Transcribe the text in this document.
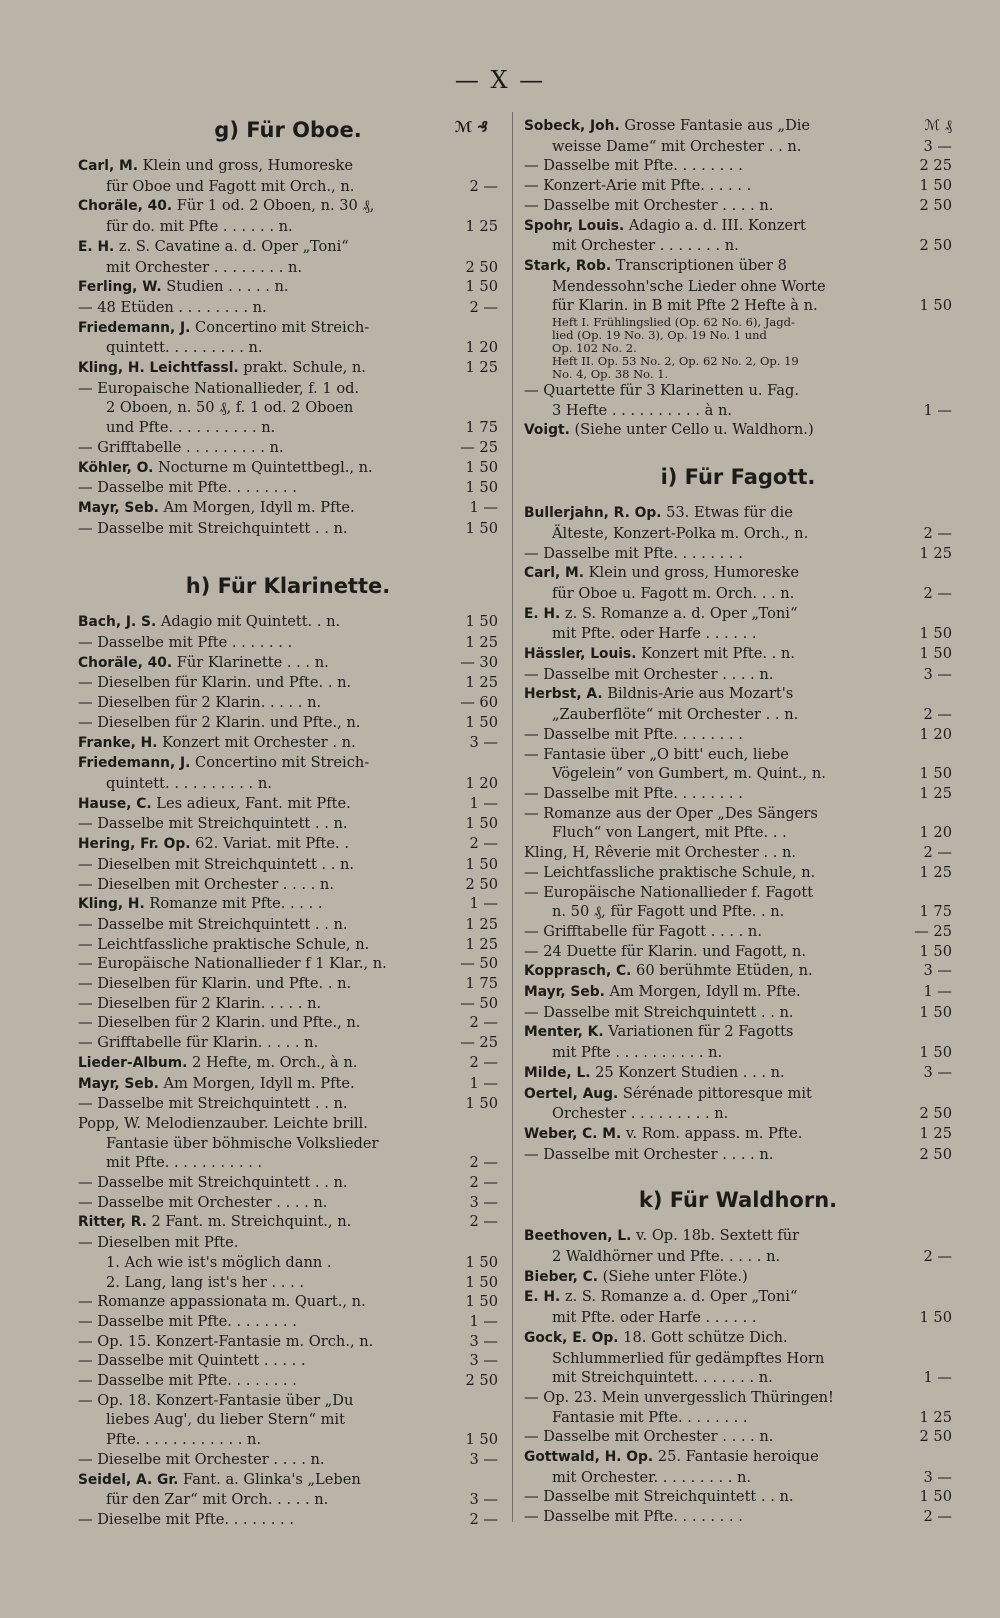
— X —
g) Für Oboe.	ℳ ₰
Carl, M. Klein und gross, Humoreske
für Oboe und Fagott mit Orch., n.	2 —
Choräle, 40. Für 1 od. 2 Oboen, n. 30 ₰,
für do. mit Pfte . . . . . . n.	1 25
E. H. z. S. Cavatine a. d. Oper „Toni“
mit Orchester . . . . . . . . n.	2 50
Ferling, W. Studien . . . . . n.	1 50
— 48 Etüden . . . . . . . . n.	2 —
Friedemann, J. Concertino mit Streich-
quintett. . . . . . . . . n.	1 20
Kling, H. Leichtfassl. prakt. Schule, n.	1 25
— Europaische Nationallieder, f. 1 od.
2 Oboen, n. 50 ₰, f. 1 od. 2 Oboen
und Pfte. . . . . . . . . . n.	1 75
— Grifftabelle . . . . . . . . . n.	— 25
Köhler, O. Nocturne m Quintettbegl., n.	1 50
— Dasselbe mit Pfte. . . . . . . .	1 50
Mayr, Seb. Am Morgen, Idyll m. Pfte.	1 —
— Dasselbe mit Streichquintett . . n.	1 50
h) Für Klarinette.
Bach, J. S. Adagio mit Quintett. . n.	1 50
— Dasselbe mit Pfte . . . . . . .	1 25
Choräle, 40. Für Klarinette . . . n.	— 30
— Dieselben für Klarin. und Pfte. . n.	1 25
— Dieselben für 2 Klarin. . . . . n.	— 60
— Dieselben für 2 Klarin. und Pfte., n.	1 50
Franke, H. Konzert mit Orchester . n.	3 —
Friedemann, J. Concertino mit Streich-
quintett. . . . . . . . . . n.	1 20
Hause, C. Les adieux, Fant. mit Pfte.	1 —
— Dasselbe mit Streichquintett . . n.	1 50
Hering, Fr. Op. 62. Variat. mit Pfte. .	2 —
— Dieselben mit Streichquintett . . n.	1 50
— Dieselben mit Orchester . . . . n.	2 50
Kling, H. Romanze mit Pfte. . . . .	1 —
— Dasselbe mit Streichquintett . . n.	1 25
— Leichtfassliche praktische Schule, n.	1 25
— Europäische Nationallieder f 1 Klar., n.	— 50
— Dieselben für Klarin. und Pfte. . n.	1 75
— Dieselben für 2 Klarin. . . . . n.	— 50
— Dieselben für 2 Klarin. und Pfte., n.	2 —
— Grifftabelle für Klarin. . . . . n.	— 25
Lieder-Album. 2 Hefte, m. Orch., à n.	2 —
Mayr, Seb. Am Morgen, Idyll m. Pfte.	1 —
— Dasselbe mit Streichquintett . . n.	1 50
Popp, W. Melodienzauber. Leichte brill.
Fantasie über böhmische Volkslieder
mit Pfte. . . . . . . . . . .	2 —
— Dasselbe mit Streichquintett . . n.	2 —
— Dasselbe mit Orchester . . . . n.	3 —
Ritter, R. 2 Fant. m. Streichquint., n.	2 —
— Dieselben mit Pfte.
1. Ach wie ist's möglich dann .	1 50
2. Lang, lang ist's her . . . .	1 50
— Romanze appassionata m. Quart., n.	1 50
— Dasselbe mit Pfte. . . . . . . .	1 —
— Op. 15. Konzert-Fantasie m. Orch., n.	3 —
— Dasselbe mit Quintett . . . . .	3 —
— Dasselbe mit Pfte. . . . . . . .	2 50
— Op. 18. Konzert-Fantasie über „Du
liebes Aug', du lieber Stern“ mit
Pfte. . . . . . . . . . . . n.	1 50
— Dieselbe mit Orchester . . . . n.	3 —
Seidel, A. Gr. Fant. a. Glinka's „Leben
für den Zar“ mit Orch. . . . . n.	3 —
— Dieselbe mit Pfte. . . . . . . .	2 —
Sobeck, Joh. Grosse Fantasie aus „Die	ℳ ₰
weisse Dame“ mit Orchester . . n.	3 —
— Dasselbe mit Pfte. . . . . . . .	2 25
— Konzert-Arie mit Pfte. . . . . .	1 50
— Dasselbe mit Orchester . . . . n.	2 50
Spohr, Louis. Adagio a. d. III. Konzert
mit Orchester . . . . . . . n.	2 50
Stark, Rob. Transcriptionen über 8
Mendessohn'sche Lieder ohne Worte
für Klarin. in B mit Pfte 2 Hefte à n.	1 50
Heft I. Frühlingslied (Op. 62 No. 6), Jagd-
lied (Op. 19 No. 3), Op. 19 No. 1 und
Op. 102 No. 2.
Heft II. Op. 53 No. 2, Op. 62 No. 2, Op. 19
No. 4, Op. 38 No. 1.
— Quartette für 3 Klarinetten u. Fag.
3 Hefte . . . . . . . . . . à n.	1 —
Voigt. (Siehe unter Cello u. Waldhorn.)
i) Für Fagott.
Bullerjahn, R. Op. 53. Etwas für die
Älteste, Konzert-Polka m. Orch., n.	2 —
— Dasselbe mit Pfte. . . . . . . .	1 25
Carl, M. Klein und gross, Humoreske
für Oboe u. Fagott m. Orch. . . n.	2 —
E. H. z. S. Romanze a. d. Oper „Toni“
mit Pfte. oder Harfe . . . . . .	1 50
Hässler, Louis. Konzert mit Pfte. . n.	1 50
— Dasselbe mit Orchester . . . . n.	3 —
Herbst, A. Bildnis-Arie aus Mozart's
„Zauberflöte“ mit Orchester . . n.	2 —
— Dasselbe mit Pfte. . . . . . . .	1 20
— Fantasie über „O bitt' euch, liebe
Vögelein“ von Gumbert, m. Quint., n.	1 50
— Dasselbe mit Pfte. . . . . . . .	1 25
— Romanze aus der Oper „Des Sängers
Fluch“ von Langert, mit Pfte. . .	1 20
Kling, H, Rêverie mit Orchester . . n.	2 —
— Leichtfassliche praktische Schule, n.	1 25
— Europäische Nationallieder f. Fagott
n. 50 ₰, für Fagott und Pfte. . n.	1 75
— Grifftabelle für Fagott . . . . n.	— 25
— 24 Duette für Klarin. und Fagott, n.	1 50
Kopprasch, C. 60 berühmte Etüden, n.	3 —
Mayr, Seb. Am Morgen, Idyll m. Pfte.	1 —
— Dasselbe mit Streichquintett . . n.	1 50
Menter, K. Variationen für 2 Fagotts
mit Pfte . . . . . . . . . . n.	1 50
Milde, L. 25 Konzert Studien . . . n.	3 —
Oertel, Aug. Sérénade pittoresque mit
Orchester . . . . . . . . . n.	2 50
Weber, C. M. v. Rom. appass. m. Pfte.	1 25
— Dasselbe mit Orchester . . . . n.	2 50
k) Für Waldhorn.
Beethoven, L. v. Op. 18b. Sextett für
2 Waldhörner und Pfte. . . . . n.	2 —
Bieber, C. (Siehe unter Flöte.)
E. H. z. S. Romanze a. d. Oper „Toni“
mit Pfte. oder Harfe . . . . . .	1 50
Gock, E. Op. 18. Gott schütze Dich.
Schlummerlied für gedämpftes Horn
mit Streichquintett. . . . . . . n.	1 —
— Op. 23. Mein unvergesslich Thüringen!
Fantasie mit Pfte. . . . . . . .	1 25
— Dasselbe mit Orchester . . . . n.	2 50
Gottwald, H. Op. 25. Fantasie heroique
mit Orchester. . . . . . . . . n.	3 —
— Dasselbe mit Streichquintett . . n.	1 50
— Dasselbe mit Pfte. . . . . . . .	2 —
